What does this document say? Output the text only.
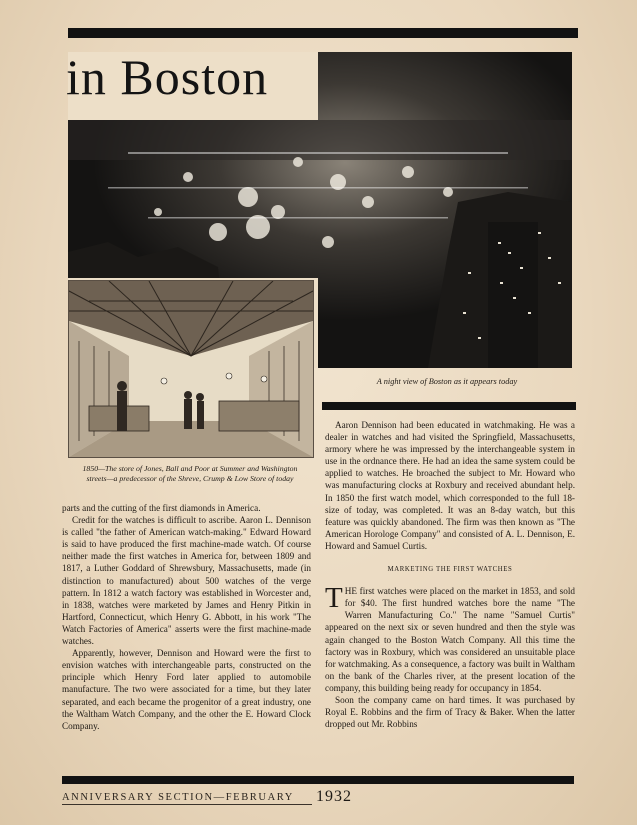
in Boston
A night view of Boston as it appears today
1850—The store of Jones, Ball and Poor at Summer and Washington streets—a predecessor of the Shreve, Crump & Low Store of today

parts and the cutting of the first diamonds in America.

Credit for the watches is difficult to ascribe. Aaron L. Dennison is called "the father of American watch-making." Edward Howard is said to have produced the first machine-made watch. Of course neither made the first watches in America for, between 1809 and 1817, a Luther Goddard of Shrewsbury, Massachusetts, made (in distinction to manufactured) about 500 watches of the verge pattern. In 1812 a watch factory was established in Worcester and, in 1838, watches were marketed by James and Henry Pitkin in Hartford, Connecticut, which Henry G. Abbott, in his work "The Watch Factories of America" asserts were the first machine-made watches.

Apparently, however, Dennison and Howard were the first to envision watches with interchangeable parts, constructed on the principle which Henry Ford later applied to automobile manufacture. The two were associated for a time, but they later separated, and each became the progenitor of a great industry, one the Waltham Watch Company, and the other the E. Howard Clock Company.

Aaron Dennison had been educated in watchmaking. He was a dealer in watches and had visited the Springfield, Massachusetts, armory where he was impressed by the interchangeable system in use in the ordnance there. He had an idea the same system could be applied to watches. He broached the subject to Mr. Howard who was manufacturing clocks at Roxbury and received abundant help. In 1850 the first watch model, which corresponded to the full 18-size of today, was completed. It was an 8-day watch, but this feature was quickly abandoned. The firm was then known as "The American Horologe Company" and consisted of A. L. Dennison, E. Howard and Samuel Curtis.

MARKETING THE FIRST WATCHES

THE first watches were placed on the market in 1853, and sold for $40. The first hundred watches bore the name "The Warren Manufacturing Co." The name "Samuel Curtis" appeared on the next six or seven hundred and then the style was again changed to the Boston Watch Company. All this time the factory was in Roxbury, which was considered an unsuitable place for watchmaking. As a consequence, a factory was built in Waltham on the bank of the Charles river, at the present location of the company, this building being ready for occupancy in 1854.

Soon the company came on hard times. It was purchased by Royal E. Robbins and the firm of Tracy & Baker. When the latter dropped out Mr. Robbins

ANNIVERSARY SECTION—FEBRUARY 1932
